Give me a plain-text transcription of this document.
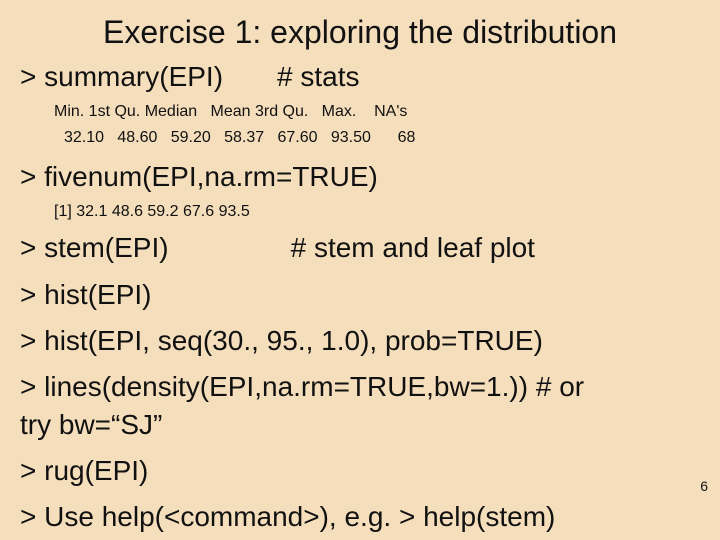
Exercise 1: exploring the distribution
> summary(EPI) # stats
Min. 1st Qu. Median   Mean 3rd Qu.   Max.    NA's
32.10   48.60   59.20   58.37   67.60   93.50      68
> fivenum(EPI,na.rm=TRUE)
[1] 32.1 48.6 59.2 67.6 93.5
> stem(EPI)	# stem and leaf plot
> hist(EPI)
> hist(EPI, seq(30., 95., 1.0), prob=TRUE)
> lines(density(EPI,na.rm=TRUE,bw=1.)) # or
try bw=“SJ”
> rug(EPI)
> Use help(<command>), e.g. > help(stem)
6
